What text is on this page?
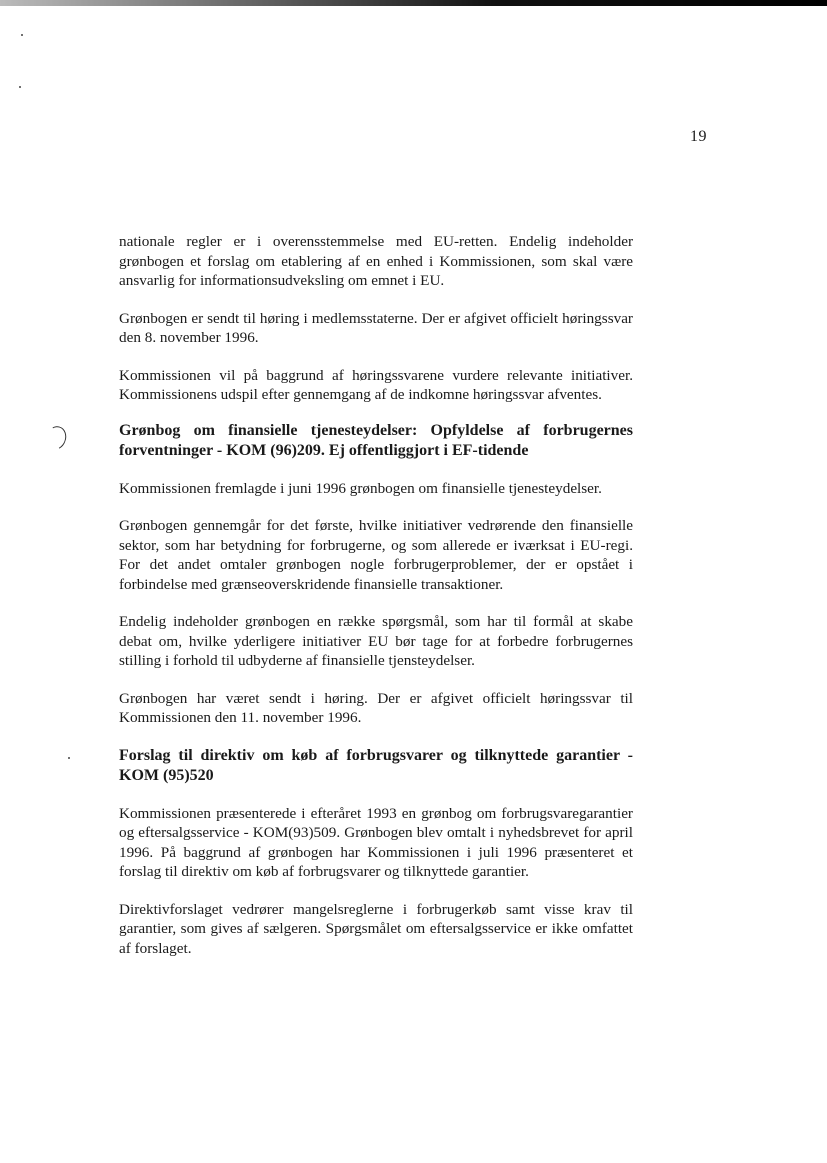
19

nationale regler er i overensstemmelse med EU-retten. Endelig indeholder grønbogen et forslag om etablering af en enhed i Kommissionen, som skal være ansvarlig for informationsudveksling om emnet i EU.

Grønbogen er sendt til høring i medlemsstaterne. Der er afgivet officielt høringssvar den 8. november 1996.

Kommissionen vil på baggrund af høringssvarene vurdere relevante initiativer. Kommissionens udspil efter gennemgang af de indkomne høringssvar afventes.

Grønbog om finansielle tjenesteydelser: Opfyldelse af forbrugernes forventninger - KOM (96)209. Ej offentliggjort i EF-tidende

Kommissionen fremlagde i juni 1996 grønbogen om finansielle tjenesteydelser.

Grønbogen gennemgår for det første, hvilke initiativer vedrørende den finansielle sektor, som har betydning for forbrugerne, og som allerede er iværksat i EU-regi. For det andet omtaler grønbogen nogle forbrugerproblemer, der er opstået i forbindelse med grænseoverskridende finansielle transaktioner.

Endelig indeholder grønbogen en række spørgsmål, som har til formål at skabe debat om, hvilke yderligere initiativer EU bør tage for at forbedre forbrugernes stilling i forhold til udbyderne af finansielle tjensteydelser.

Grønbogen har været sendt i høring. Der er afgivet officielt høringssvar til Kommissionen den 11. november 1996.

Forslag til direktiv om køb af forbrugsvarer og tilknyttede garantier - KOM (95)520

Kommissionen præsenterede i efteråret 1993 en grønbog om forbrugsvaregarantier og eftersalgsservice - KOM(93)509. Grønbogen blev omtalt i nyhedsbrevet for april 1996. På baggrund af grønbogen har Kommissionen i juli 1996 præsenteret et forslag til direktiv om køb af forbrugsvarer og tilknyttede garantier.

Direktivforslaget vedrører mangelsreglerne i forbrugerkøb samt visse krav til garantier, som gives af sælgeren. Spørgsmålet om eftersalgsservice er ikke omfattet af forslaget.
